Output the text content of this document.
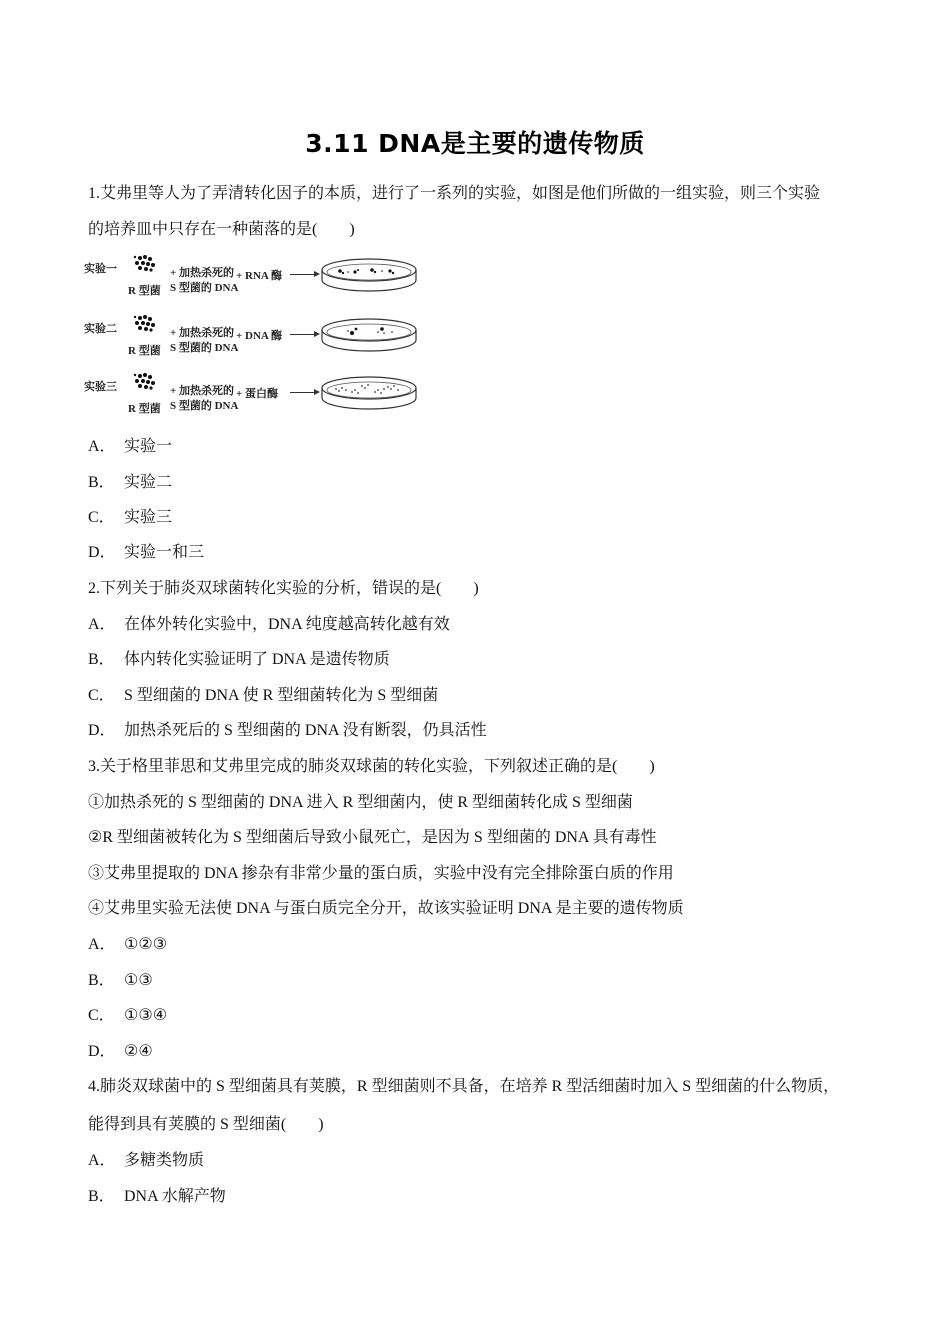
3.11 DNA是主要的遗传物质
1.艾弗里等人为了弄清转化因子的本质，进行了一系列的实验，如图是他们所做的一组实验，则三个实验
的培养皿中只存在一种菌落的是(　　)
实验一
R 型菌
+ 加热杀死的
S 型菌的 DNA
+ RNA 酶
实验二
R 型菌
+ 加热杀死的
S 型菌的 DNA
+ DNA 酶
实验三
R 型菌
+ 加热杀死的
S 型菌的 DNA
+ 蛋白酶
A． 实验一
B． 实验二
C． 实验三
D． 实验一和三
2.下列关于肺炎双球菌转化实验的分析，错误的是(　　)
A． 在体外转化实验中，DNA 纯度越高转化越有效
B． 体内转化实验证明了 DNA 是遗传物质
C． S 型细菌的 DNA 使 R 型细菌转化为 S 型细菌
D． 加热杀死后的 S 型细菌的 DNA 没有断裂，仍具活性
3.关于格里菲思和艾弗里完成的肺炎双球菌的转化实验，下列叙述正确的是(　　)
①加热杀死的 S 型细菌的 DNA 进入 R 型细菌内，使 R 型细菌转化成 S 型细菌
②R 型细菌被转化为 S 型细菌后导致小鼠死亡，是因为 S 型细菌的 DNA 具有毒性
③艾弗里提取的 DNA 掺杂有非常少量的蛋白质，实验中没有完全排除蛋白质的作用
④艾弗里实验无法使 DNA 与蛋白质完全分开，故该实验证明 DNA 是主要的遗传物质
A． ①②③
B． ①③
C． ①③④
D． ②④
4.肺炎双球菌中的 S 型细菌具有荚膜，R 型细菌则不具备，在培养 R 型活细菌时加入 S 型细菌的什么物质，
能得到具有荚膜的 S 型细菌(　　)
A． 多糖类物质
B． DNA 水解产物
